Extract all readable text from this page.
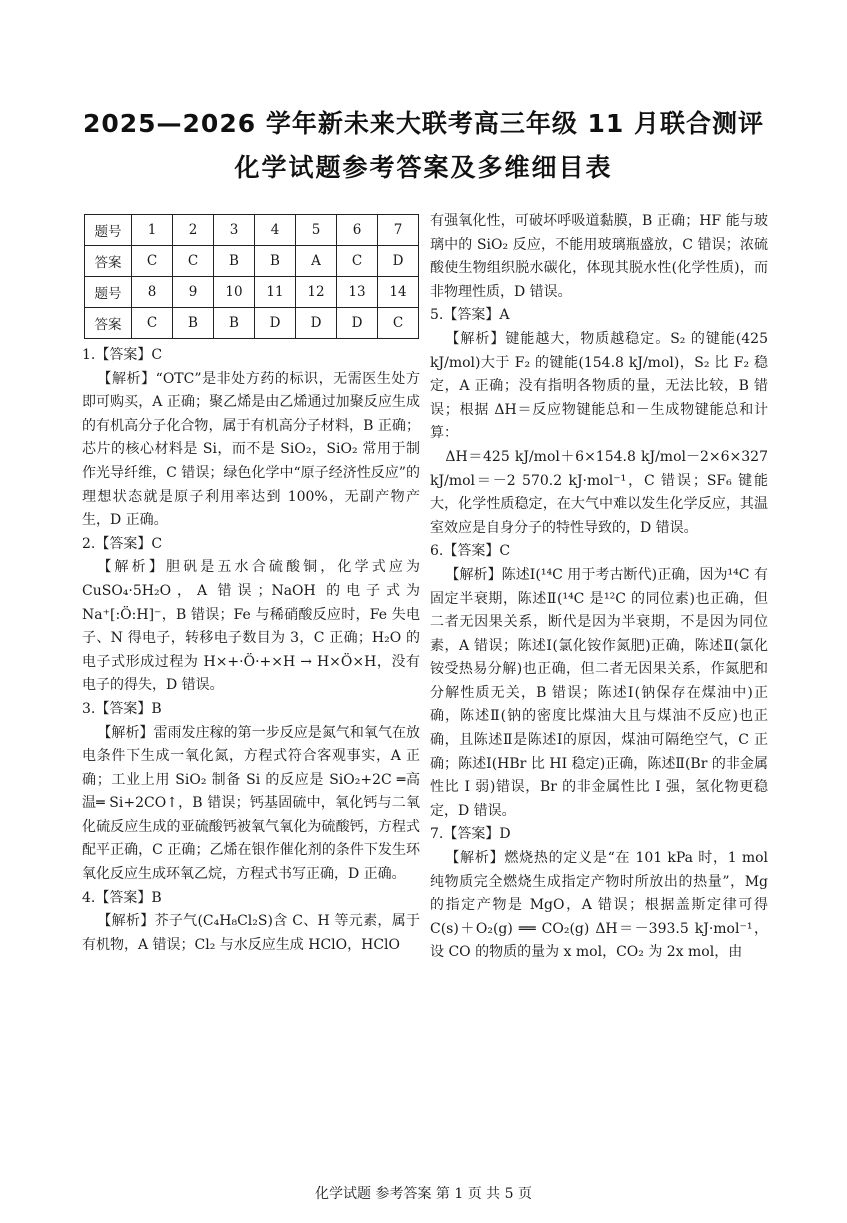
2025—2026 学年新未来大联考高三年级 11 月联合测评
化学试题参考答案及多维细目表
题号	1	2	3	4	5	6	7
答案	C	C	B	B	A	C	D
题号	8	9	10	11	12	13	14
答案	C	B	B	D	D	D	C

1.【答案】C

【解析】“OTC”是非处方药的标识，无需医生处方即可购买，A 正确；聚乙烯是由乙烯通过加聚反应生成的有机高分子化合物，属于有机高分子材料，B 正确；芯片的核心材料是 Si，而不是 SiO₂，SiO₂ 常用于制作光导纤维，C 错误；绿色化学中“原子经济性反应”的理想状态就是原子利用率达到 100%，无副产物产生，D 正确。

2.【答案】C

【解析】胆矾是五水合硫酸铜，化学式应为 CuSO₄·5H₂O，A 错误；NaOH 的电子式为 Na⁺[:Ö:H]⁻，B 错误；Fe 与稀硝酸反应时，Fe 失电子、N 得电子，转移电子数目为 3，C 正确；H₂O 的电子式形成过程为 H×+·Ö·+×H → H×Ö×H，没有电子的得失，D 错误。

3.【答案】B

【解析】雷雨发庄稼的第一步反应是氮气和氧气在放电条件下生成一氧化氮，方程式符合客观事实，A 正确；工业上用 SiO₂ 制备 Si 的反应是 SiO₂+2C ═高温═ Si+2CO↑，B 错误；钙基固硫中，氧化钙与二氧化硫反应生成的亚硫酸钙被氧气氧化为硫酸钙，方程式配平正确，C 正确；乙烯在银作催化剂的条件下发生环氧化反应生成环氧乙烷，方程式书写正确，D 正确。

4.【答案】B

【解析】芥子气(C₄H₈Cl₂S)含 C、H 等元素，属于有机物，A 错误；Cl₂ 与水反应生成 HClO，HClO

有强氧化性，可破坏呼吸道黏膜，B 正确；HF 能与玻璃中的 SiO₂ 反应，不能用玻璃瓶盛放，C 错误；浓硫酸使生物组织脱水碳化，体现其脱水性(化学性质)，而非物理性质，D 错误。

5.【答案】A

【解析】键能越大，物质越稳定。S₂ 的键能(425 kJ/mol)大于 F₂ 的键能(154.8 kJ/mol)，S₂ 比 F₂ 稳定，A 正确；没有指明各物质的量，无法比较，B 错误；根据 ΔH＝反应物键能总和－生成物键能总和计算：

ΔH＝425 kJ/mol＋6×154.8 kJ/mol－2×6×327 kJ/mol＝－2 570.2 kJ·mol⁻¹，C 错误；SF₆ 键能大，化学性质稳定，在大气中难以发生化学反应，其温室效应是自身分子的特性导致的，D 错误。

6.【答案】C

【解析】陈述Ⅰ(¹⁴C 用于考古断代)正确，因为¹⁴C 有固定半衰期，陈述Ⅱ(¹⁴C 是¹²C 的同位素)也正确，但二者无因果关系，断代是因为半衰期，不是因为同位素，A 错误；陈述Ⅰ(氯化铵作氮肥)正确，陈述Ⅱ(氯化铵受热易分解)也正确，但二者无因果关系，作氮肥和分解性质无关，B 错误；陈述Ⅰ(钠保存在煤油中)正确，陈述Ⅱ(钠的密度比煤油大且与煤油不反应)也正确，且陈述Ⅱ是陈述Ⅰ的原因，煤油可隔绝空气，C 正确；陈述Ⅰ(HBr 比 HI 稳定)正确，陈述Ⅱ(Br 的非金属性比 I 弱)错误，Br 的非金属性比 I 强，氢化物更稳定，D 错误。

7.【答案】D

【解析】燃烧热的定义是“在 101 kPa 时，1 mol 纯物质完全燃烧生成指定产物时所放出的热量”，Mg 的指定产物是 MgO，A 错误；根据盖斯定律可得 C(s)＋O₂(g) ══ CO₂(g) ΔH＝－393.5 kJ·mol⁻¹，设 CO 的物质的量为 x mol，CO₂ 为 2x mol，由

化学试题 参考答案 第 1 页 共 5 页
